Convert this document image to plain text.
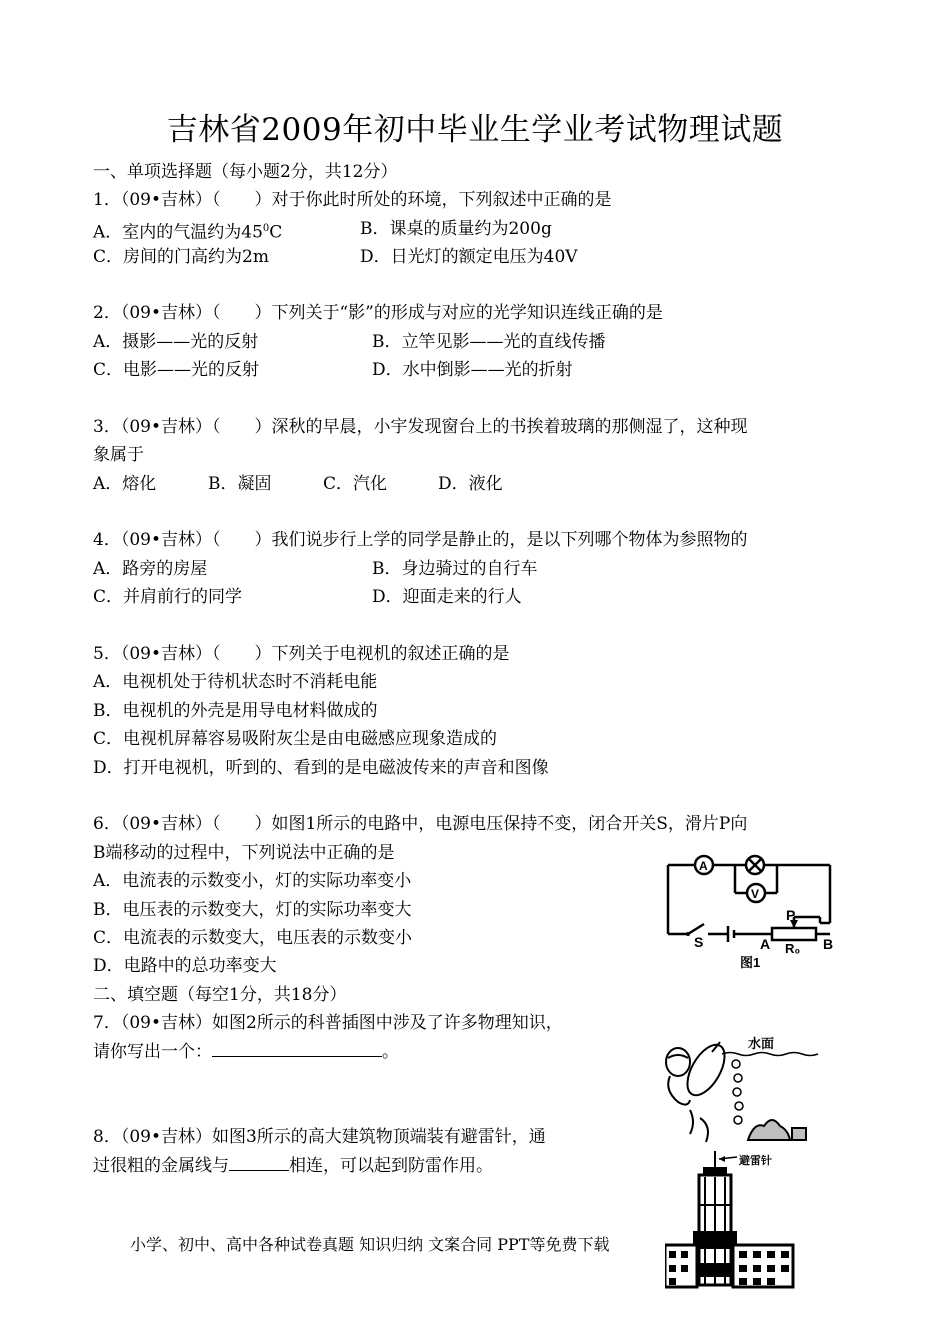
吉林省2009年初中毕业生学业考试物理试题
一、单项选择题（每小题2分，共12分）
1．（09•吉林）（　　）对于你此时所处的环境，下列叙述中正确的是
A．室内的气温约为$45^0C$	B．课桌的质量约为200g
C．房间的门高约为2m	D．日光灯的额定电压为40V
2．（09•吉林）（　　）下列关于“影”的形成与对应的光学知识连线正确的是
A．摄影——光的反射	B．立竿见影——光的直线传播
C．电影——光的反射	D．水中倒影——光的折射
3．（09•吉林）（　　）深秋的早晨，小宇发现窗台上的书挨着玻璃的那侧湿了，这种现
象属于
A．熔化	B．凝固	C．汽化	D．液化
4．（09•吉林）（　　）我们说步行上学的同学是静止的，是以下列哪个物体为参照物的
A．路旁的房屋	B．身边骑过的自行车
C．并肩前行的同学	D．迎面走来的行人
5．（09•吉林）（　　）下列关于电视机的叙述正确的是
A．电视机处于待机状态时不消耗电能
B．电视机的外壳是用导电材料做成的
C．电视机屏幕容易吸附灰尘是由电磁感应现象造成的
D．打开电视机，听到的、看到的是电磁波传来的声音和图像
6．（09•吉林）（　　）如图1所示的电路中，电源电压保持不变，闭合开关S，滑片P向
B端移动的过程中，下列说法中正确的是
A．电流表的示数变小，灯的实际功率变小
B．电压表的示数变大，灯的实际功率变大
C．电流表的示数变大，电压表的示数变小
D．电路中的总功率变大
二、填空题（每空1分，共18分）
7．（09•吉林）如图2所示的科普插图中涉及了许多物理知识，
请你写出一个：	。
8．（09•吉林）如图3所示的高大建筑物顶端装有避雷针，通
过很粗的金属线与	相连，可以起到防雷作用。
A
V
P
S	A R₀ B
图1
水面
避雷针
小学、初中、高中各种试卷真题 知识归纳 文案合同 PPT等免费下载
